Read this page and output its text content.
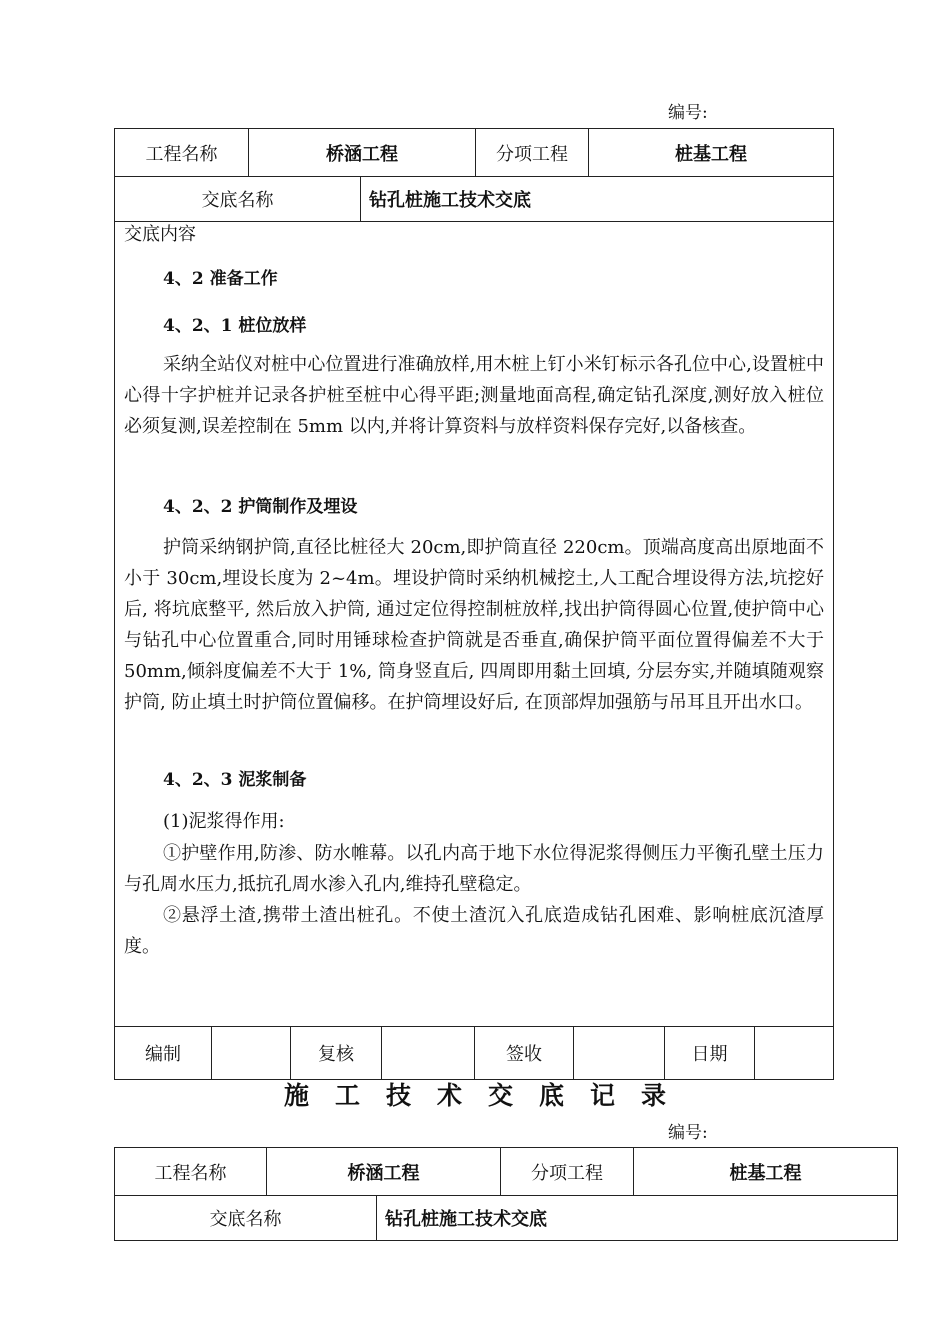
编号:
工程名称	桥涵工程	分项工程	桩基工程
交底名称	钻孔桩施工技术交底
交底内容
4、2 准备工作
4、2、1 桩位放样
采纳全站仪对桩中心位置进行准确放样,用木桩上钉小米钉标示各孔位中心,设置桩中心得十字护桩并记录各护桩至桩中心得平距;测量地面高程,确定钻孔深度,测好放入桩位必须复测,误差控制在 5mm 以内,并将计算资料与放样资料保存完好,以备核查。
4、2、2 护筒制作及埋设
护筒采纳钢护筒,直径比桩径大 20cm,即护筒直径 220cm。顶端高度高出原地面不小于 30cm,埋设长度为 2~4m。埋设护筒时采纳机械挖土,人工配合埋设得方法,坑挖好后, 将坑底整平, 然后放入护筒, 通过定位得控制桩放样,找出护筒得圆心位置,使护筒中心与钻孔中心位置重合,同时用锤球检查护筒就是否垂直,确保护筒平面位置得偏差不大于 50mm,倾斜度偏差不大于 1%, 筒身竖直后, 四周即用黏土回填, 分层夯实,并随填随观察护筒, 防止填土时护筒位置偏移。在护筒埋设好后, 在顶部焊加强筋与吊耳且开出水口。
4、2、3 泥浆制备
(1)泥浆得作用:
①护壁作用,防渗、防水帷幕。以孔内高于地下水位得泥浆得侧压力平衡孔壁土压力与孔周水压力,抵抗孔周水渗入孔内,维持孔壁稳定。
②悬浮土渣,携带土渣出桩孔。不使土渣沉入孔底造成钻孔困难、影响桩底沉渣厚度。
编制	复核	签收	日期
施工技术交底记录
编号:
工程名称	桥涵工程	分项工程	桩基工程
交底名称	钻孔桩施工技术交底
